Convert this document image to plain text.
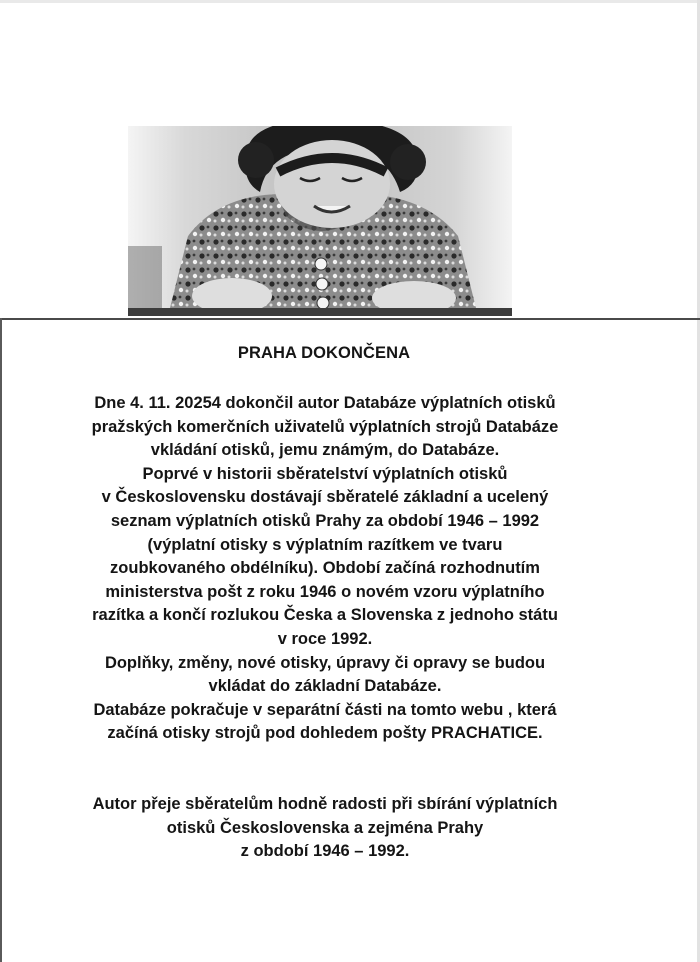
PRAHA DOKONČENA
Dne 4. 11. 20254 dokončil autor Databáze výplatních otisků
pražských komerčních uživatelů výplatních strojů Databáze
vkládání otisků, jemu známým, do Databáze.
Poprvé v historii sběratelství výplatních otisků
v Československu dostávají sběratelé základní a ucelený
seznam výplatních otisků Prahy za období 1946 – 1992
(výplatní otisky s výplatním razítkem ve tvaru
zoubkovaného obdélníku). Období začíná rozhodnutím
ministerstva pošt z roku 1946 o novém vzoru výplatního
razítka a končí rozlukou Česka a Slovenska z jednoho státu
v roce 1992.
Doplňky, změny, nové otisky, úpravy či opravy se budou
vkládat do základní Databáze.
Databáze pokračuje v separátní části na tomto webu , která
začíná otisky strojů pod dohledem pošty PRACHATICE.
Autor přeje sběratelům hodně radosti při sbírání výplatních
otisků Československa a zejména Prahy
z období 1946 – 1992.
